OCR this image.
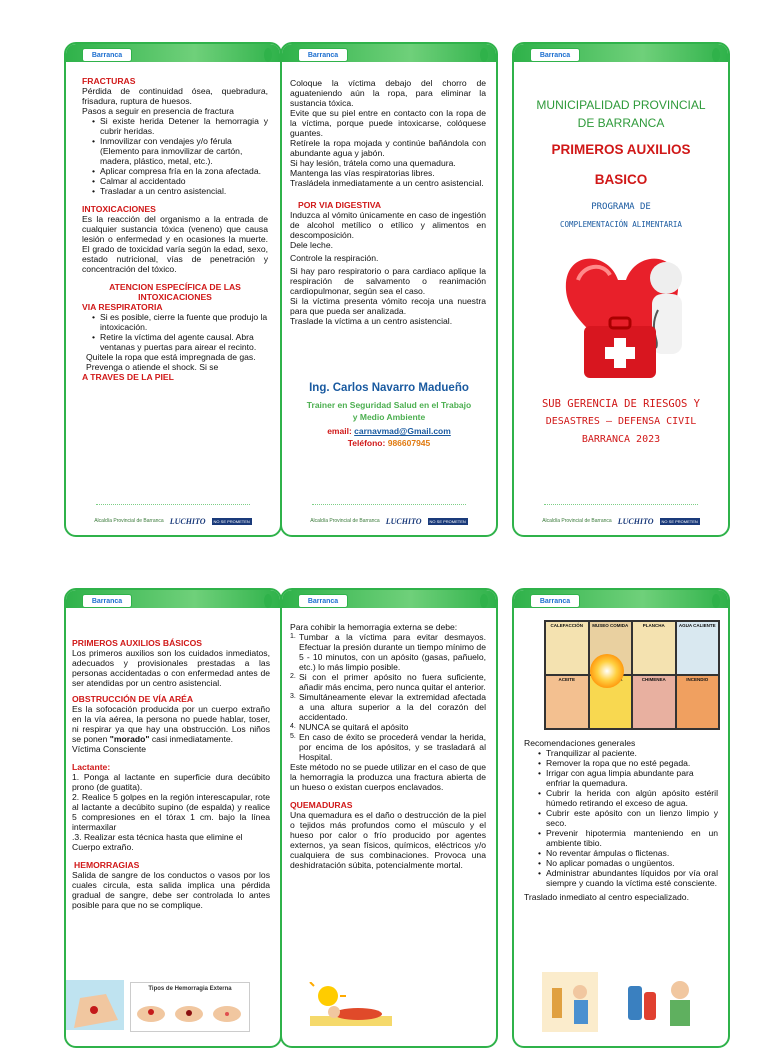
Barranca
FRACTURAS
Pérdida de continuidad ósea, quebradura, frisadura, ruptura de huesos.
Pasos a seguir en presencia de fractura
• Si existe herida Detener la hemorragia y cubrir heridas.
• Inmovilizar con vendajes y/o férula (Elemento para inmovilizar de cartón, madera, plástico, metal, etc.).
• Aplicar compresa fría en la zona afectada.
• Calmar al accidentado
• Trasladar a un centro asistencial.
INTOXICACIONES
Es la reacción del organismo a la entrada de cualquier sustancia tóxica (veneno) que causa lesión o enfermedad y en ocasiones la muerte. El grado de toxicidad varía según la edad, sexo, estado nutricional, vías de penetración y concentración del tóxico.
ATENCION ESPECÍFICA DE LAS INTOXICACIONES
VIA RESPIRATORIA
• Si es posible, cierre la fuente que produjo la intoxicación.
• Retire la víctima del agente causal. Abra ventanas y puertas para airear el recinto.
Quitele la ropa que está impregnada de gas.
Prevenga o atiende el shock. Si se
A TRAVES DE LA PIEL
Alcaldía Provincial de Barranca LUCHITO	NO SE PROMETEN
Barranca
Coloque la víctima debajo del chorro de aguateniendo aún la ropa, para eliminar la sustancia tóxica.
Evite que su piel entre en contacto con la ropa de la víctima, porque puede intoxicarse, colóquese guantes.
Retírele la ropa mojada y continúe bañándola con abundante agua y jabón.
Si hay lesión, trátela como una quemadura.
Mantenga las vías respiratorias libres.
Trasládela inmediatamente a un centro asistencial.
POR VIA DIGESTIVA
Induzca al vómito únicamente en caso de ingestión de alcohol metílico o etílico y alimentos en descomposición.
Dele leche.
Controle la respiración.
Si hay paro respiratorio o para cardiaco aplique la respiración de salvamento o reanimación cardiopulmonar, según sea el caso.
Si la víctima presenta vómito recoja una nuestra para que pueda ser analizada.
Traslade la víctima a un centro asistencial.
Ing. Carlos Navarro Madueño
Trainer en Seguridad Salud en el Trabajo
y Medio Ambiente
email: carnavmad@Gmail.com
Teléfono: 986607945
Alcaldía Provincial de Barranca LUCHITO	NO SE PROMETEN
Barranca
MUNICIPALIDAD PROVINCIAL
DE BARRANCA
PRIMEROS AUXILIOS
BASICO
PROGRAMA DE
COMPLEMENTACIÓN ALIMENTARIA
SUB GERENCIA DE RIESGOS Y
DESASTRES – DEFENSA CIVIL
BARRANCA 2023
Alcaldía Provincial de Barranca LUCHITO	NO SE PROMETEN
Barranca
PRIMEROS AUXILIOS BÁSICOS
Los primeros auxilios son los cuidados inmediatos, adecuados y provisionales prestadas a las personas accidentadas o con enfermedad antes de ser atendidas por un centro asistencial.
OBSTRUCCIÓN DE VÍA ARÉA
Es la sofocación producida por un cuerpo extraño en la vía aérea, la persona no puede hablar, toser, ni respirar ya que hay una obstrucción. Los niños se ponen "morado" casi inmediatamente.
Víctima Consciente
Lactante:
1. Ponga al lactante en superficie dura decúbito prono (de guatita).
2. Realice 5 golpes en la región interescapular, rote al lactante a decúbito supino (de espalda) y realice 5 compresiones en el tórax 1 cm. bajo la línea intermaxilar
.3. Realizar esta técnica hasta que elimine el Cuerpo extraño.
HEMORRAGIAS
Salida de sangre de los conductos o vasos por los cuales circula, esta salida implica una pérdida gradual de sangre, debe ser controlada lo antes posible para que no se complique.
Tipos de Hemorragia Externa
Barranca
Para cohibir la hemorragia externa se debe:
1. Tumbar a la víctima para evitar desmayos. Efectuar la presión durante un tiempo mínimo de 5 - 10 minutos, con un apósito (gasas, pañuelo, etc.) lo más limpio posible.
2. Si con el primer apósito no fuera suficiente, añadir más encima, pero nunca quitar el anterior.
3. Simultáneamente elevar la extremidad afectada a una altura superior a la del corazón del accidentado.
4. NUNCA se quitará el apósito
5. En caso de éxito se procederá vendar la herida, por encima de los apósitos, y se trasladará al Hospital.
Este método no se puede utilizar en el caso de que la hemorragia la produzca una fractura abierta de un hueso o existan cuerpos enclavados.
QUEMADURAS
Una quemadura es el daño o destrucción de la piel o tejidos más profundos como el músculo y el hueso por calor o frío producido por agentes externos, ya sean físicos, químicos, eléctricos y/o cualquiera de sus combinaciones. Provoca una deshidratación súbita, potencialmente mortal.
Barranca
CALEFACCIÓN	MUSEO COMIDA	PLANCHA	AGUA CALIENTE
ACEITE	CHIMENEA	INCENDIO
Recomendaciones generales
• Tranquilizar al paciente.
• Remover la ropa que no esté pegada.
• Irrigar con agua limpia abundante para enfriar la quemadura.
• Cubrir la herida con algún apósito estéril húmedo retirando el exceso de agua.
• Cubrir este apósito con un lienzo limpio y seco.
• Prevenir hipotermia manteniendo en un ambiente tibio.
• No reventar ámpulas o flictenas.
• No aplicar pomadas o ungüentos.
• Administrar abundantes líquidos por vía oral siempre y cuando la víctima esté consciente.
Traslado inmediato al centro especializado.
